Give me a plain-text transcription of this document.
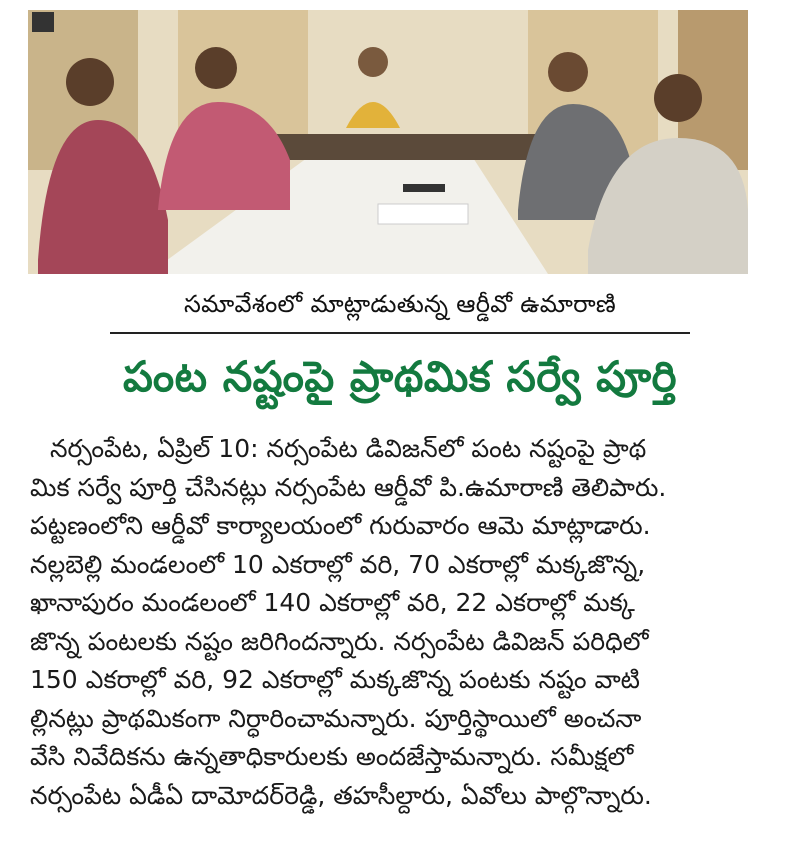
సమావేశంలో మాట్లాడుతున్న ఆర్డీవో ఉమారాణి
పంట నష్టంపై ప్రాథమిక సర్వే పూర్తి
నర్సంపేట, ఏప్రిల్ 10: నర్సంపేట డివిజన్‌లో పంట నష్టంపై ప్రాథ
మిక సర్వే పూర్తి చేసినట్లు నర్సంపేట ఆర్డీవో పి.ఉమారాణి తెలిపారు.
పట్టణంలోని ఆర్డీవో కార్యాలయంలో గురువారం ఆమె మాట్లాడారు.
నల్లబెల్లి మండలంలో 10 ఎకరాల్లో వరి, 70 ఎకరాల్లో మక్కజొన్న,
ఖానాపురం మండలంలో 140 ఎకరాల్లో వరి, 22 ఎకరాల్లో మక్క
జొన్న పంటలకు నష్టం జరిగిందన్నారు. నర్సంపేట డివిజన్ పరిధిలో
150 ఎకరాల్లో వరి, 92 ఎకరాల్లో మక్కజొన్న పంటకు నష్టం వాటి
ల్లినట్లు ప్రాథమికంగా నిర్ధారించామన్నారు. పూర్తిస్థాయిలో అంచనా
వేసి నివేదికను ఉన్నతాధికారులకు అందజేస్తామన్నారు. సమీక్షలో
నర్సంపేట ఏడీఏ దామోదర్‌రెడ్డి, తహసీల్దారు, ఏవోలు పాల్గొన్నారు.
